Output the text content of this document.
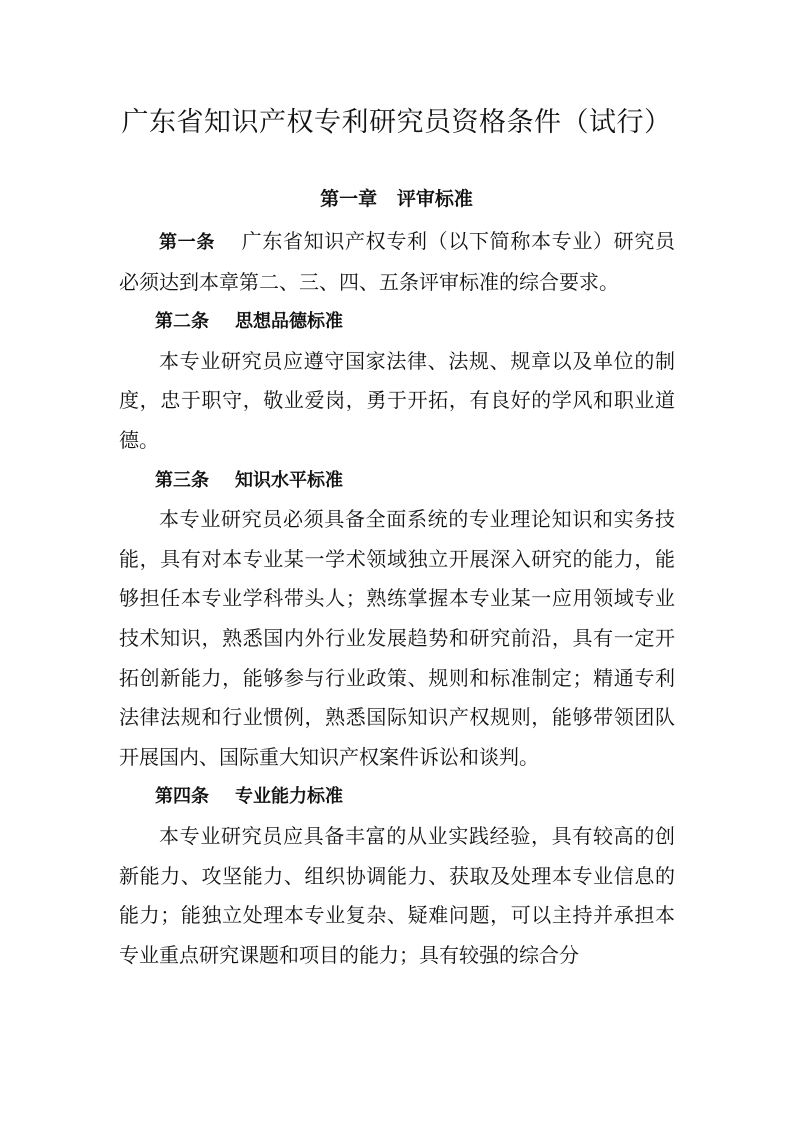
广东省知识产权专利研究员资格条件（试行）
第一章   评审标准

第一条 广东省知识产权专利（以下简称本专业）研究员必须达到本章第二、三、四、五条评审标准的综合要求。

第二条 思想品德标准

本专业研究员应遵守国家法律、法规、规章以及单位的制度，忠于职守，敬业爱岗，勇于开拓，有良好的学风和职业道德。

第三条 知识水平标准

本专业研究员必须具备全面系统的专业理论知识和实务技能，具有对本专业某一学术领域独立开展深入研究的能力，能够担任本专业学科带头人；熟练掌握本专业某一应用领域专业技术知识，熟悉国内外行业发展趋势和研究前沿，具有一定开拓创新能力，能够参与行业政策、规则和标准制定；精通专利法律法规和行业惯例，熟悉国际知识产权规则，能够带领团队开展国内、国际重大知识产权案件诉讼和谈判。

第四条 专业能力标准

本专业研究员应具备丰富的从业实践经验，具有较高的创新能力、攻坚能力、组织协调能力、获取及处理本专业信息的能力；能独立处理本专业复杂、疑难问题，可以主持并承担本专业重点研究课题和项目的能力；具有较强的综合分
